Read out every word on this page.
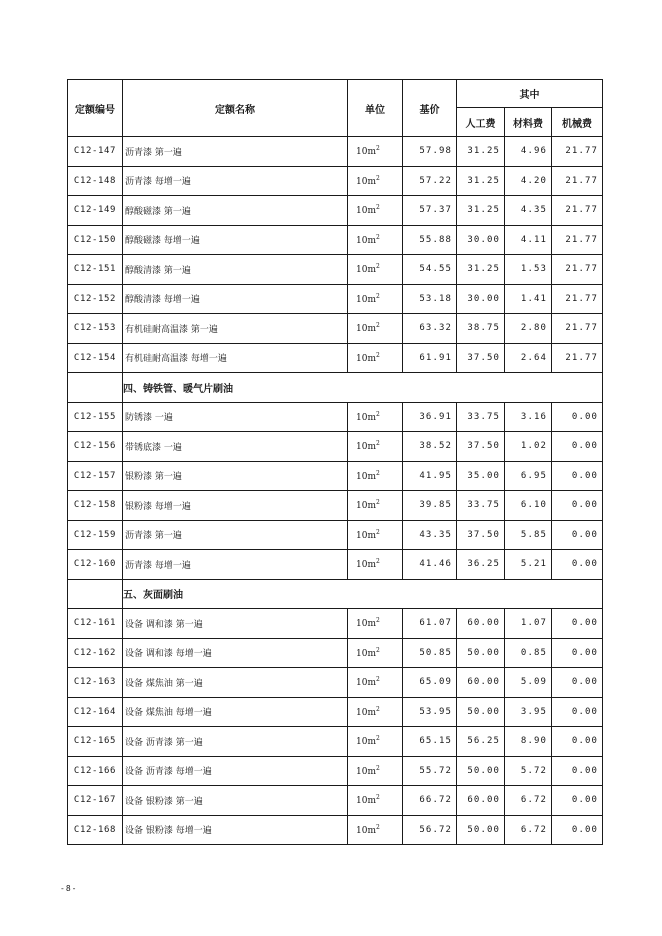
定额编号	定额名称	单位	基价	其中		
				人工费	材料费	机械费
C12-147	沥青漆 第一遍	$10m^2$	57.98	31.25	4.96	21.77
C12-148	沥青漆 每增一遍	$10m^2$	57.22	31.25	4.20	21.77
C12-149	醇酸磁漆 第一遍	$10m^2$	57.37	31.25	4.35	21.77
C12-150	醇酸磁漆 每增一遍	$10m^2$	55.88	30.00	4.11	21.77
C12-151	醇酸清漆 第一遍	$10m^2$	54.55	31.25	1.53	21.77
C12-152	醇酸清漆 每增一遍	$10m^2$	53.18	30.00	1.41	21.77
C12-153	有机硅耐高温漆 第一遍	$10m^2$	63.32	38.75	2.80	21.77
C12-154	有机硅耐高温漆 每增一遍	$10m^2$	61.91	37.50	2.64	21.77
	四、铸铁管、暖气片刷油					
C12-155	防锈漆 一遍	$10m^2$	36.91	33.75	3.16	0.00
C12-156	带锈底漆 一遍	$10m^2$	38.52	37.50	1.02	0.00
C12-157	银粉漆 第一遍	$10m^2$	41.95	35.00	6.95	0.00
C12-158	银粉漆 每增一遍	$10m^2$	39.85	33.75	6.10	0.00
C12-159	沥青漆 第一遍	$10m^2$	43.35	37.50	5.85	0.00
C12-160	沥青漆 每增一遍	$10m^2$	41.46	36.25	5.21	0.00
	五、灰面刷油					
C12-161	设备 调和漆 第一遍	$10m^2$	61.07	60.00	1.07	0.00
C12-162	设备 调和漆 每增一遍	$10m^2$	50.85	50.00	0.85	0.00
C12-163	设备 煤焦油 第一遍	$10m^2$	65.09	60.00	5.09	0.00
C12-164	设备 煤焦油 每增一遍	$10m^2$	53.95	50.00	3.95	0.00
C12-165	设备 沥青漆 第一遍	$10m^2$	65.15	56.25	8.90	0.00
C12-166	设备 沥青漆 每增一遍	$10m^2$	55.72	50.00	5.72	0.00
C12-167	设备 银粉漆 第一遍	$10m^2$	66.72	60.00	6.72	0.00
C12-168	设备 银粉漆 每增一遍	$10m^2$	56.72	50.00	6.72	0.00
-8-
